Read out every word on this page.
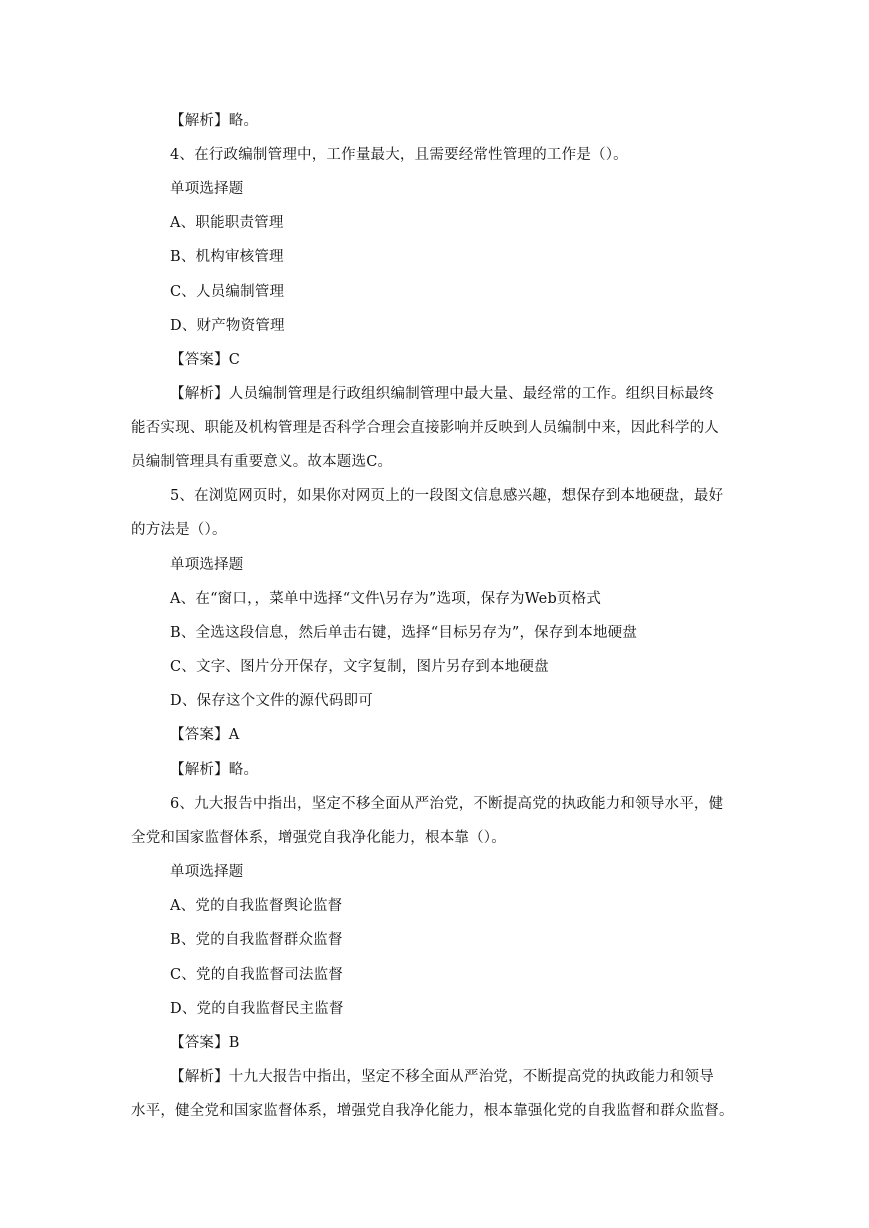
【解析】略。
4、在行政编制管理中，工作量最大，且需要经常性管理的工作是（）。
单项选择题
A、职能职责管理
B、机构审核管理
C、人员编制管理
D、财产物资管理
【答案】C
【解析】人员编制管理是行政组织编制管理中最大量、最经常的工作。组织目标最终
能否实现、职能及机构管理是否科学合理会直接影响并反映到人员编制中来，因此科学的人
员编制管理具有重要意义。故本题选C。
5、在浏览网页时，如果你对网页上的一段图文信息感兴趣，想保存到本地硬盘，最好
的方法是（）。
单项选择题
A、在“窗口，，菜单中选择“文件\另存为”选项，保存为Web页格式
B、全选这段信息，然后单击右键，选择“目标另存为”，保存到本地硬盘
C、文字、图片分开保存，文字复制，图片另存到本地硬盘
D、保存这个文件的源代码即可
【答案】A
【解析】略。
6、九大报告中指出，坚定不移全面从严治党，不断提高党的执政能力和领导水平，健
全党和国家监督体系，增强党自我净化能力，根本靠（）。
单项选择题
A、党的自我监督舆论监督
B、党的自我监督群众监督
C、党的自我监督司法监督
D、党的自我监督民主监督
【答案】B
【解析】十九大报告中指出，坚定不移全面从严治党，不断提高党的执政能力和领导
水平，健全党和国家监督体系，增强党自我净化能力，根本靠强化党的自我监督和群众监督。
